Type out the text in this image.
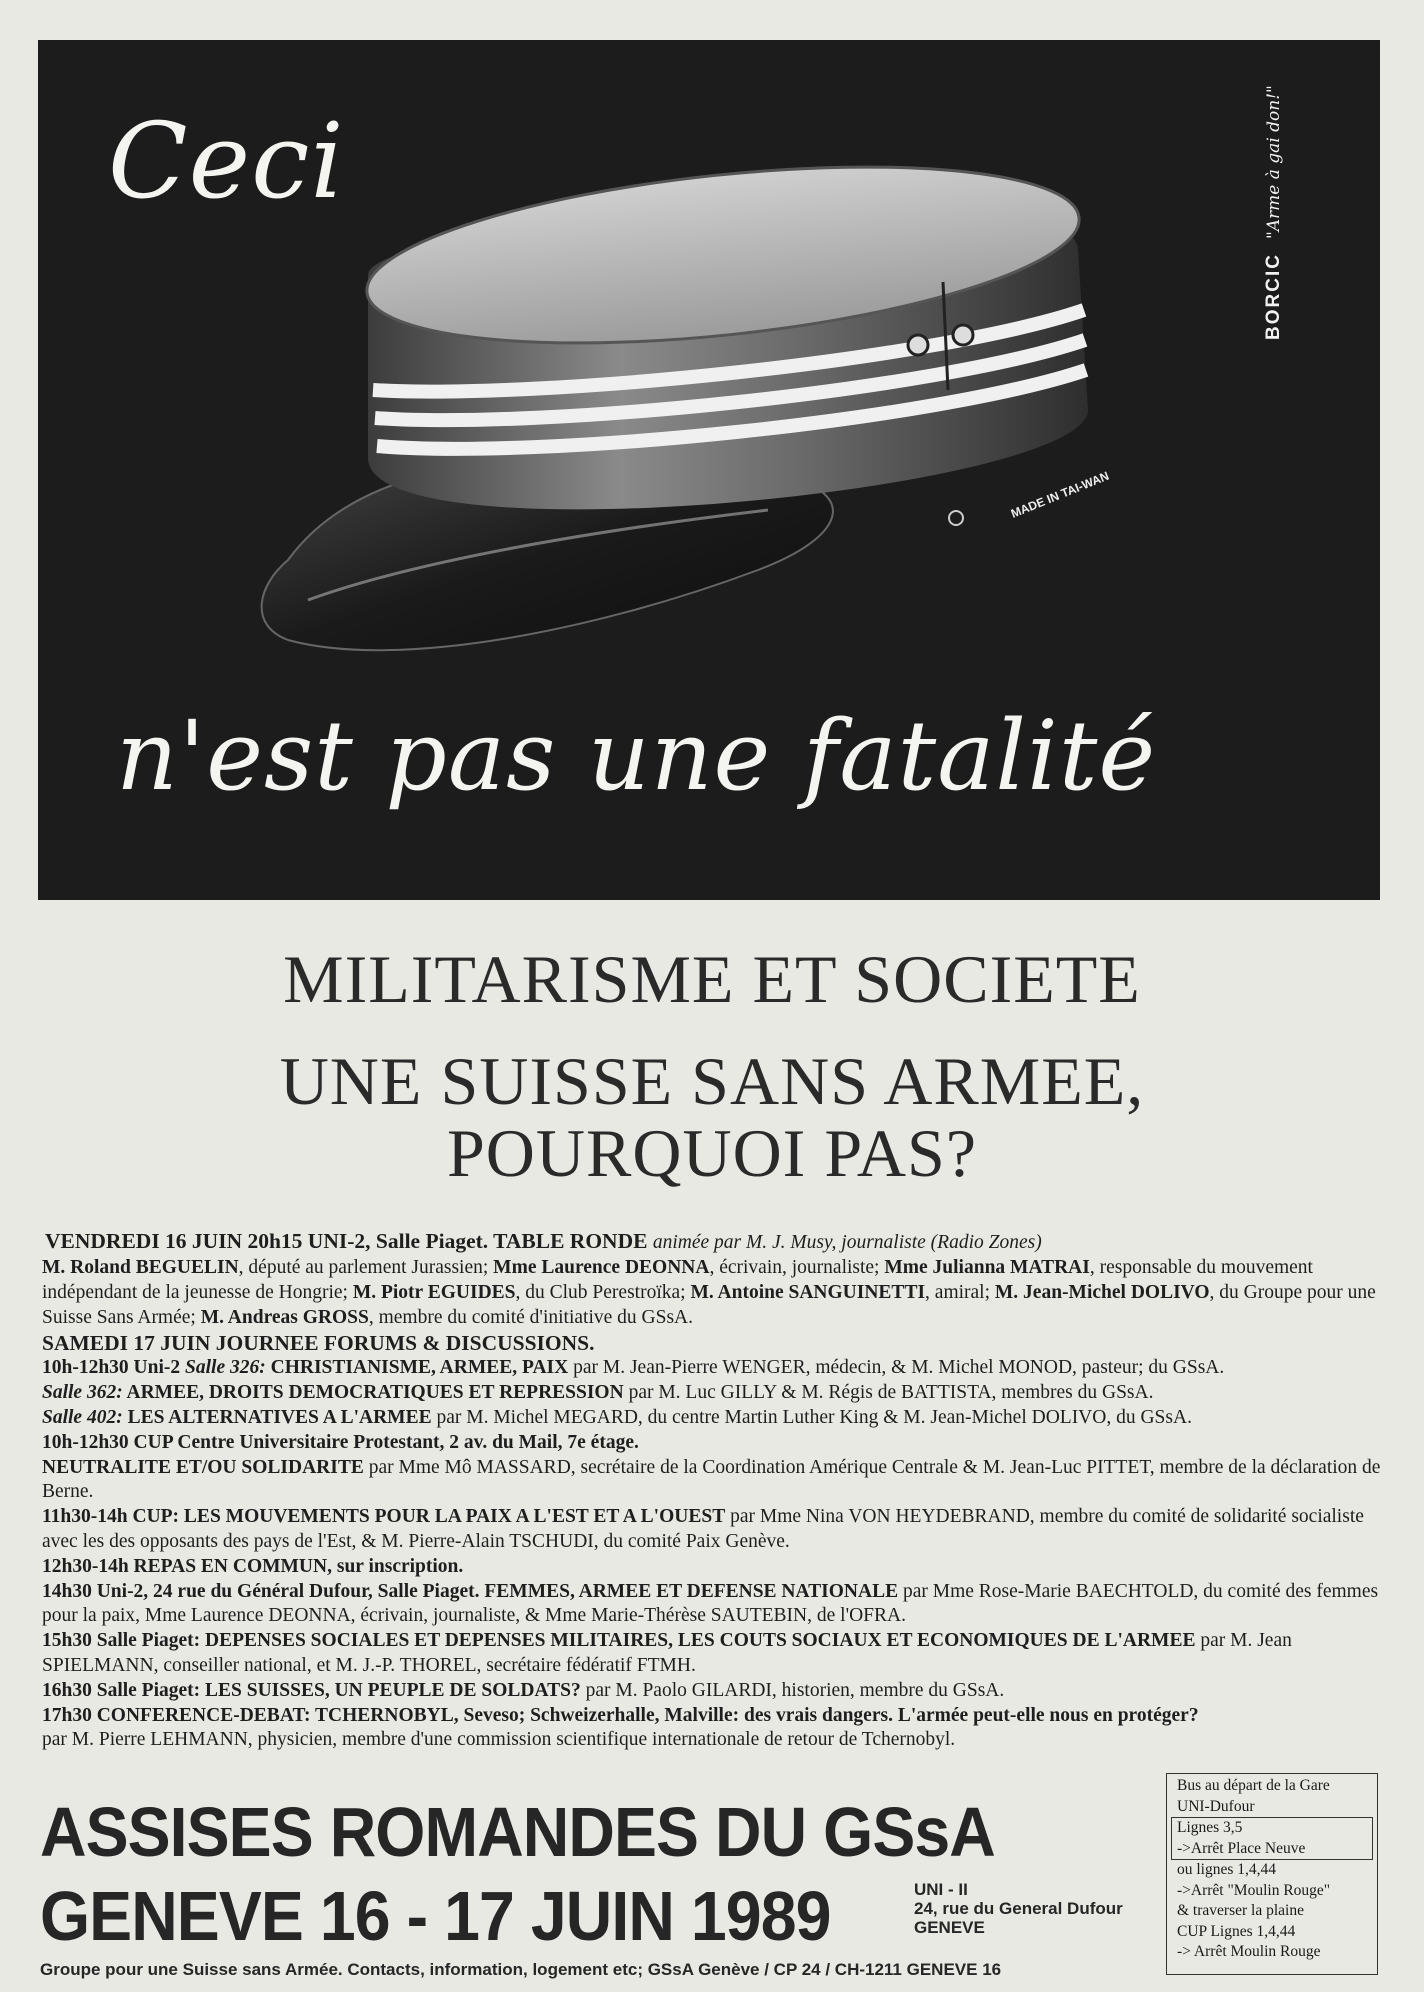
MADE IN TAI-WAN
Ceci
n'est pas une fatalité
BORCIC"Arme à gai don!"
MILITARISME ET SOCIETE
UNE SUISSE SANS ARMEE,
POURQUOI PAS?

VENDREDI 16 JUIN 20h15 UNI-2, Salle Piaget. TABLE RONDE animée par M. J. Musy, journaliste (Radio Zones)

M. Roland BEGUELIN, député au parlement Jurassien; Mme Laurence DEONNA, écrivain, journaliste; Mme Julianna MATRAI, responsable du mouvement indépendant de la jeunesse de Hongrie; M. Piotr EGUIDES, du Club Perestroïka; M. Antoine SANGUINETTI, amiral; M. Jean-Michel DOLIVO, du Groupe pour une Suisse Sans Armée; M. Andreas GROSS, membre du comité d'initiative du GSsA.

SAMEDI 17 JUIN JOURNEE FORUMS & DISCUSSIONS.

10h-12h30 Uni-2 Salle 326: CHRISTIANISME, ARMEE, PAIX par M. Jean-Pierre WENGER, médecin, & M. Michel MONOD, pasteur; du GSsA.

Salle 362: ARMEE, DROITS DEMOCRATIQUES ET REPRESSION par M. Luc GILLY & M. Régis de BATTISTA, membres du GSsA.

Salle 402: LES ALTERNATIVES A L'ARMEE par M. Michel MEGARD, du centre Martin Luther King & M. Jean-Michel DOLIVO, du GSsA.

10h-12h30 CUP Centre Universitaire Protestant, 2 av. du Mail, 7e étage.

NEUTRALITE ET/OU SOLIDARITE par Mme Mô MASSARD, secrétaire de la Coordination Amérique Centrale & M. Jean-Luc PITTET, membre de la déclaration de Berne.

11h30-14h CUP: LES MOUVEMENTS POUR LA PAIX A L'EST ET A L'OUEST par Mme Nina VON HEYDEBRAND, membre du comité de solidarité socialiste avec les des opposants des pays de l'Est, & M. Pierre-Alain TSCHUDI, du comité Paix Genève.

12h30-14h REPAS EN COMMUN, sur inscription.

14h30 Uni-2, 24 rue du Général Dufour, Salle Piaget. FEMMES, ARMEE ET DEFENSE NATIONALE par Mme Rose-Marie BAECHTOLD, du comité des femmes pour la paix, Mme Laurence DEONNA, écrivain, journaliste, & Mme Marie-Thérèse SAUTEBIN, de l'OFRA.

15h30 Salle Piaget: DEPENSES SOCIALES ET DEPENSES MILITAIRES, LES COUTS SOCIAUX ET ECONOMIQUES DE L'ARMEE par M. Jean SPIELMANN, conseiller national, et M. J.-P. THOREL, secrétaire fédératif FTMH.

16h30 Salle Piaget: LES SUISSES, UN PEUPLE DE SOLDATS? par M. Paolo GILARDI, historien, membre du GSsA.

17h30 CONFERENCE-DEBAT: TCHERNOBYL, Seveso; Schweizerhalle, Malville: des vrais dangers. L'armée peut-elle nous en protéger?

par M. Pierre LEHMANN, physicien, membre d'une commission scientifique internationale de retour de Tchernobyl.

ASSISES ROMANDES DU GSsA
GENEVE 16 - 17 JUIN 1989	UNI - II
24, rue du General Dufour
GENEVE
Groupe pour une Suisse sans Armée. Contacts, information, logement etc; GSsA Genève / CP 24 / CH-1211 GENEVE 16
Bus au départ de la Gare
UNI-Dufour
Lignes 3,5
->Arrêt Place Neuve
ou lignes 1,4,44
->Arrêt "Moulin Rouge"
& traverser la plaine
CUP Lignes 1,4,44
-> Arrêt Moulin Rouge
